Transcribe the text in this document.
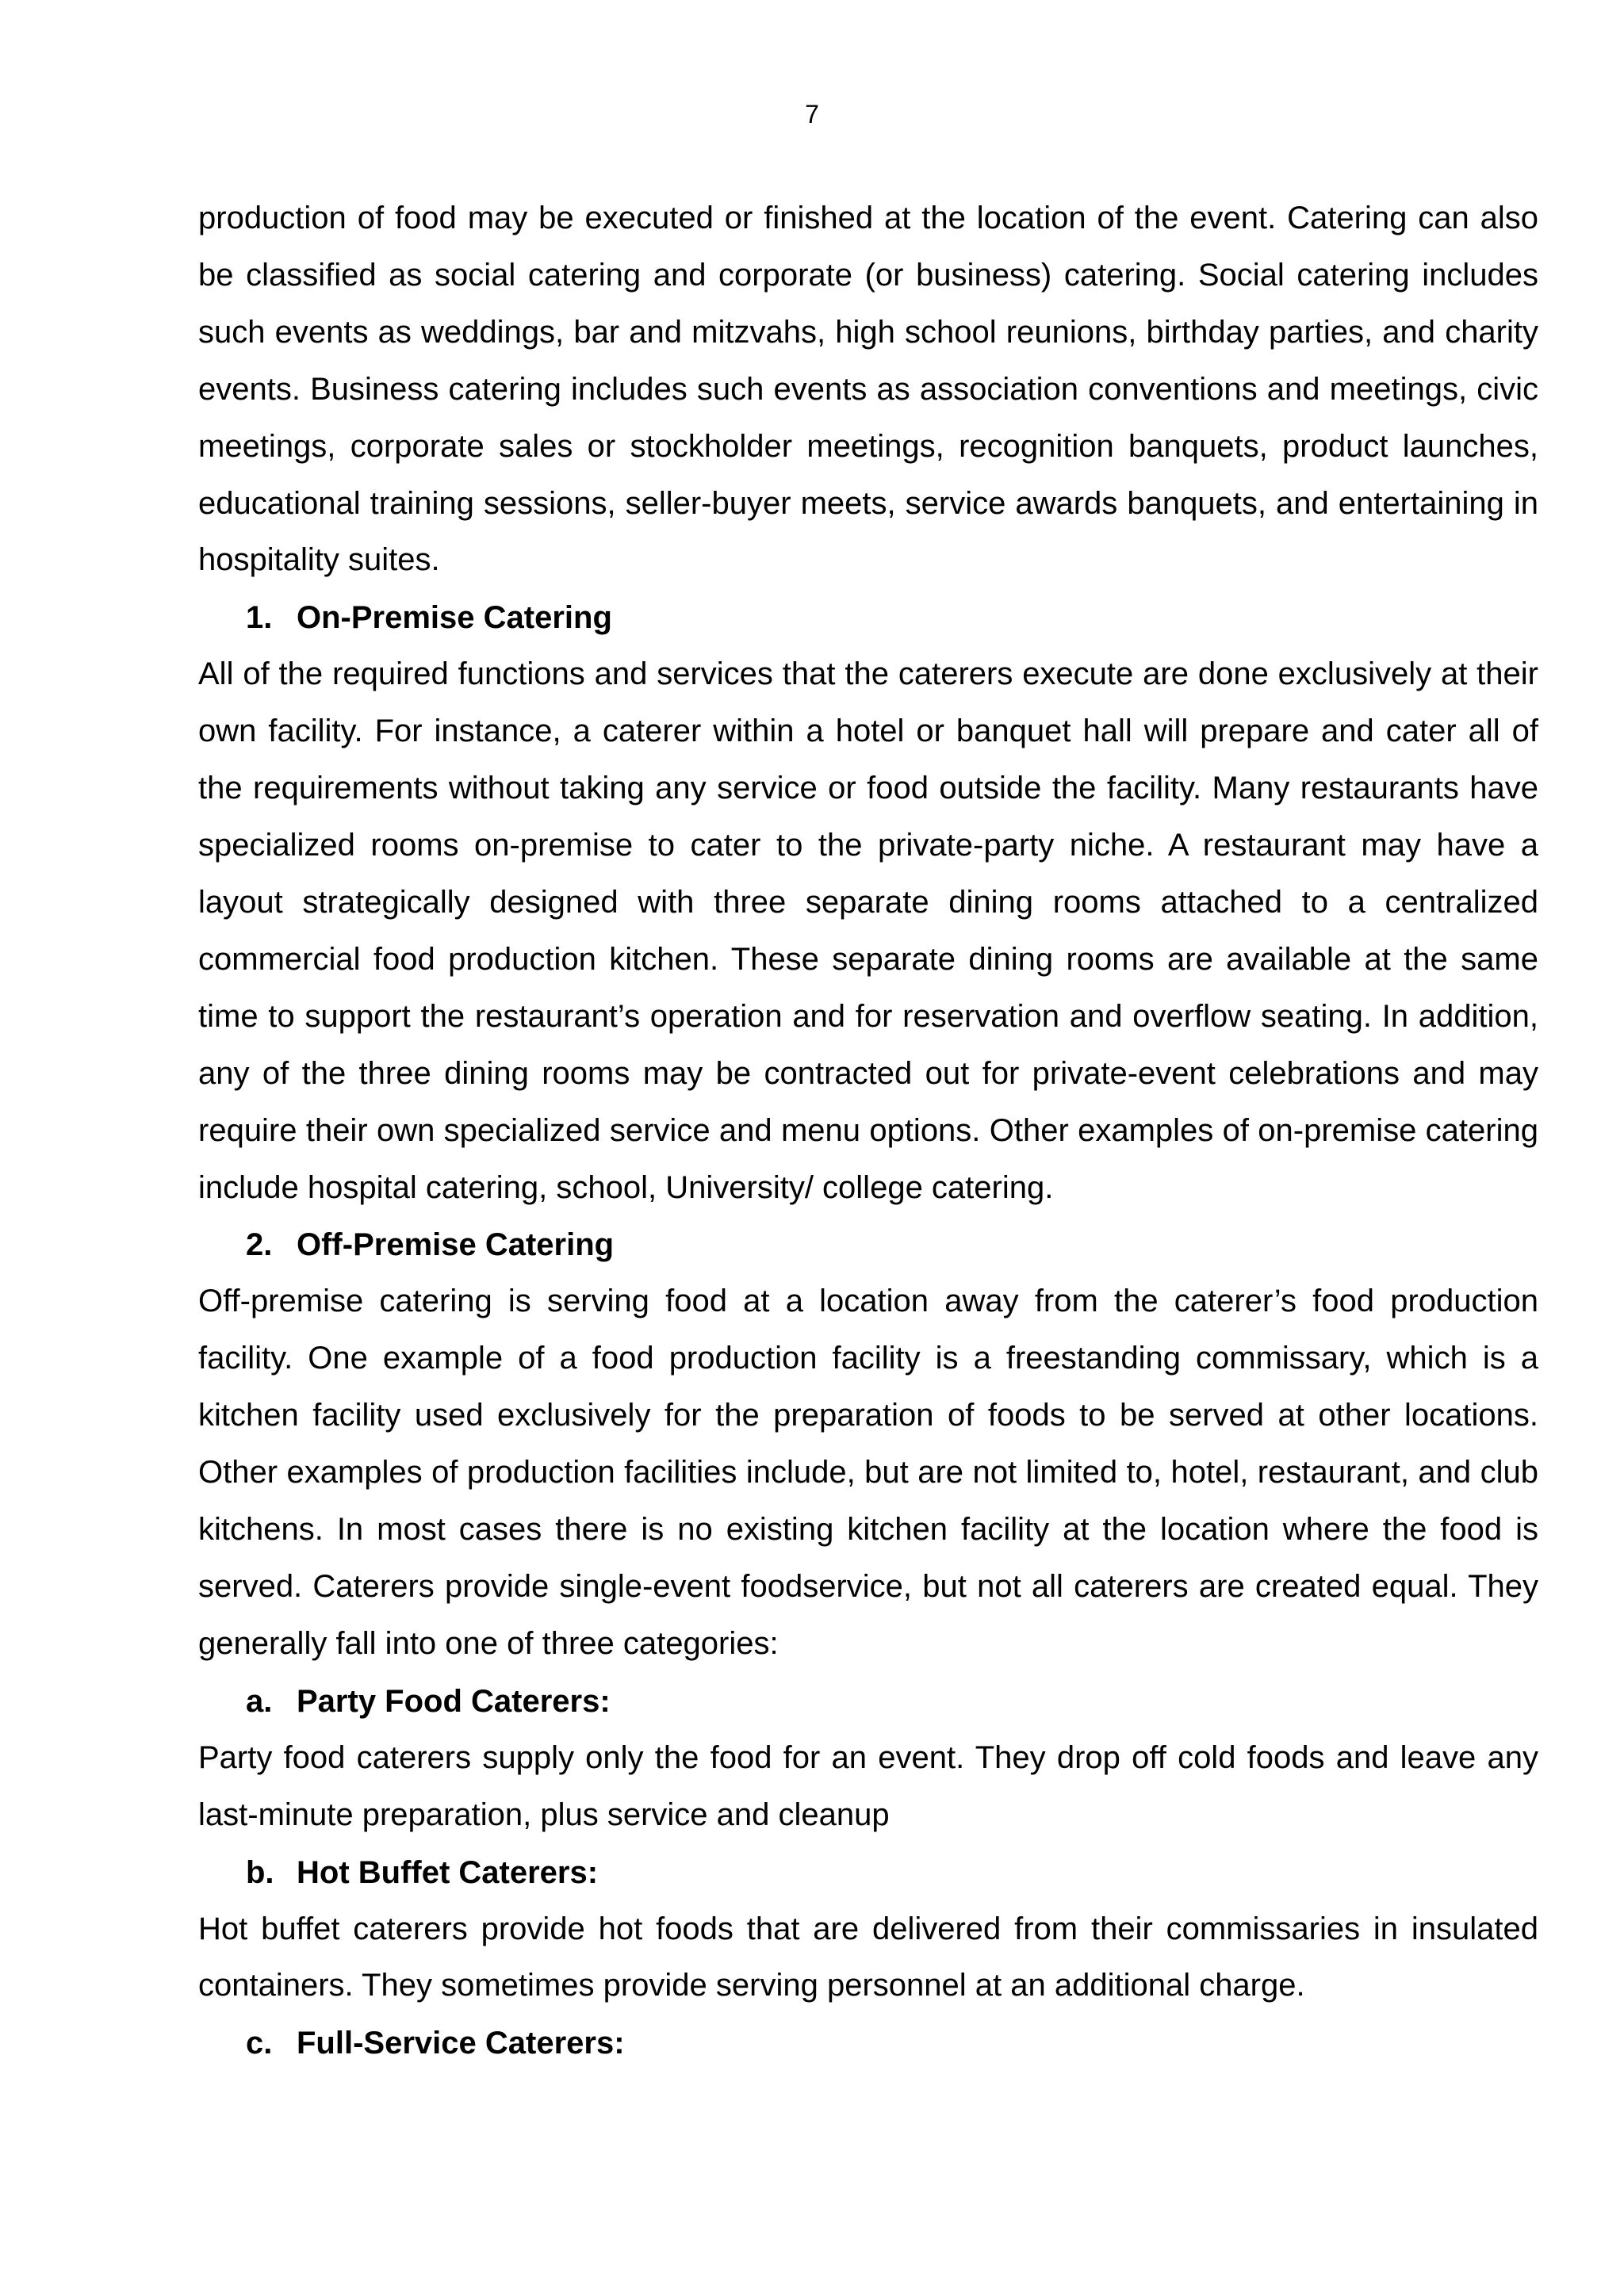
7

production of food may be executed or finished at the location of the event. Catering can also be classified as social catering and corporate (or business) catering. Social catering includes such events as weddings, bar and mitzvahs, high school reunions, birthday parties, and charity events. Business catering includes such events as association conventions and meetings, civic meetings, corporate sales or stockholder meetings, recognition banquets, product launches, educational training sessions, seller-buyer meets, service awards banquets, and entertaining in hospitality suites.

1. On-Premise Catering

All of the required functions and services that the caterers execute are done exclusively at their own facility. For instance, a caterer within a hotel or banquet hall will prepare and cater all of the requirements without taking any service or food outside the facility. Many restaurants have specialized rooms on-premise to cater to the private-party niche. A restaurant may have a layout strategically designed with three separate dining rooms attached to a centralized commercial food production kitchen. These separate dining rooms are available at the same time to support the restaurant’s operation and for reservation and overflow seating. In addition, any of the three dining rooms may be contracted out for private-event celebrations and may require their own specialized service and menu options. Other examples of on-premise catering include hospital catering, school, University/ college catering.

2. Off-Premise Catering

Off-premise catering is serving food at a location away from the caterer’s food production facility. One example of a food production facility is a freestanding commissary, which is a kitchen facility used exclusively for the preparation of foods to be served at other locations. Other examples of production facilities include, but are not limited to, hotel, restaurant, and club kitchens. In most cases there is no existing kitchen facility at the location where the food is served. Caterers provide single-event foodservice, but not all caterers are created equal. They generally fall into one of three categories:

a. Party Food Caterers:

Party food caterers supply only the food for an event. They drop off cold foods and leave any last-minute preparation, plus service and cleanup

b. Hot Buffet Caterers:

Hot buffet caterers provide hot foods that are delivered from their commissaries in insulated containers. They sometimes provide serving personnel at an additional charge.

c. Full-Service Caterers:
